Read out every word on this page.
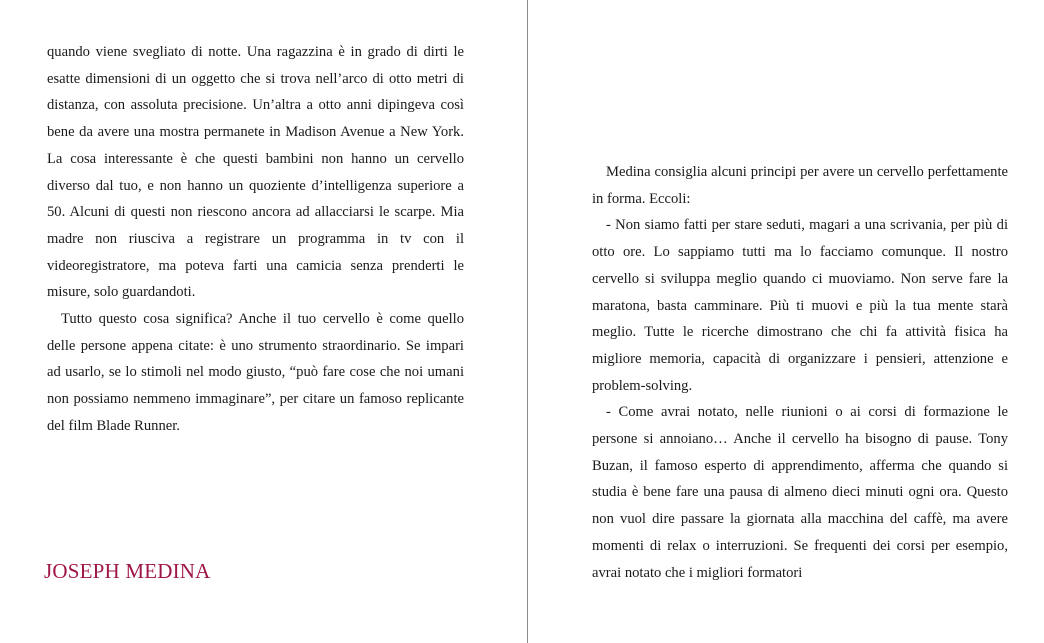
quando viene svegliato di notte. Una ragazzina è in grado di dirti le esatte dimensioni di un oggetto che si trova nell’arco di otto metri di distanza, con assoluta precisione. Un’altra a otto anni dipingeva così bene da avere una mostra permanete in Madison Avenue a New York. La cosa interessante è che questi bambini non hanno un cervello diverso dal tuo, e non hanno un quoziente d’intelligenza superiore a 50. Alcuni di questi non riescono ancora ad allacciarsi le scarpe. Mia madre non riusciva a registrare un programma in tv con il videoregistratore, ma poteva farti una camicia senza prenderti le misure, solo guardandoti.

Tutto questo cosa significa? Anche il tuo cervello è come quello delle persone appena citate: è uno strumento straordinario. Se impari ad usarlo, se lo stimoli nel modo giusto, “può fare cose che noi umani non possiamo nemmeno immaginare”, per citare un famoso replicante del film Blade Runner.

JOSEPH MEDINA

Medina consiglia alcuni principi per avere un cervello perfettamente in forma. Eccoli:

- Non siamo fatti per stare seduti, magari a una scrivania, per più di otto ore. Lo sappiamo tutti ma lo facciamo comunque. Il nostro cervello si sviluppa meglio quando ci muoviamo. Non serve fare la maratona, basta camminare. Più ti muovi e più la tua mente starà meglio. Tutte le ricerche dimostrano che chi fa attività fisica ha migliore memoria, capacità di organizzare i pensieri, attenzione e problem-solving.

- Come avrai notato, nelle riunioni o ai corsi di formazione le persone si annoiano… Anche il cervello ha bisogno di pause. Tony Buzan, il famoso esperto di apprendimento, afferma che quando si studia è bene fare una pausa di almeno dieci minuti ogni ora. Questo non vuol dire passare la giornata alla macchina del caffè, ma avere momenti di relax o interruzioni. Se frequenti dei corsi per esempio, avrai notato che i migliori formatori
